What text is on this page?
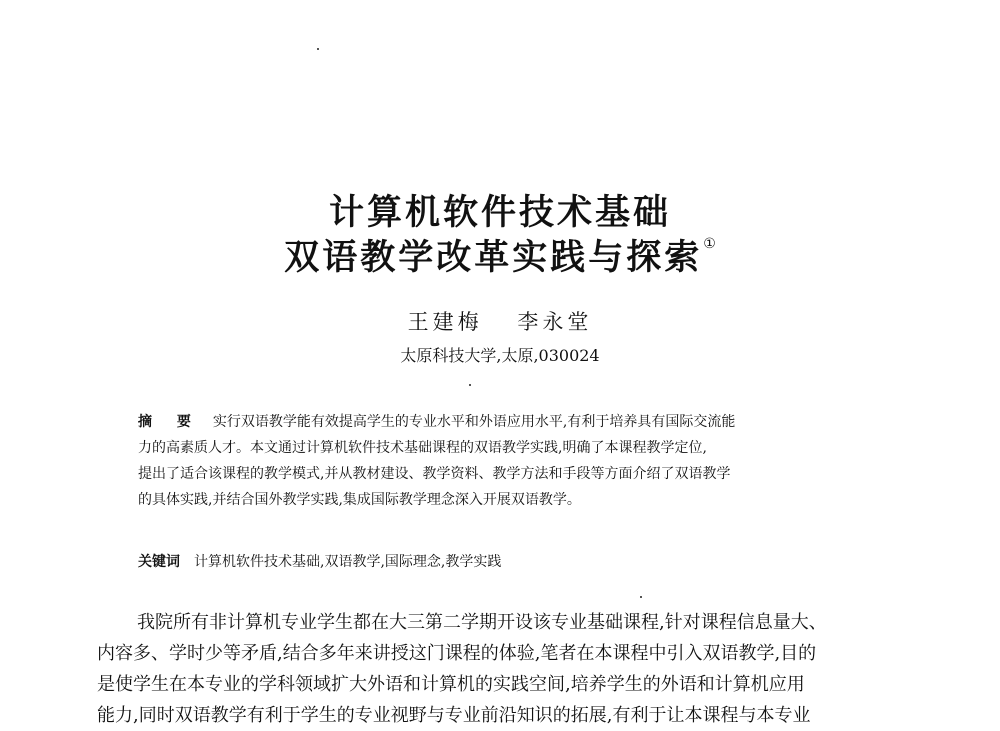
计算机软件技术基础
双语教学改革实践与探索①
王建梅 李永堂
太原科技大学,太原,030024
摘 要 实行双语教学能有效提高学生的专业水平和外语应用水平,有利于培养具有国际交流能
力的高素质人才。本文通过计算机软件技术基础课程的双语教学实践,明确了本课程教学定位,
提出了适合该课程的教学模式,并从教材建设、教学资料、教学方法和手段等方面介绍了双语教学
的具体实践,并结合国外教学实践,集成国际教学理念深入开展双语教学。
关键词 计算机软件技术基础,双语教学,国际理念,教学实践
我院所有非计算机专业学生都在大三第二学期开设该专业基础课程,针对课程信息量大、
内容多、学时少等矛盾,结合多年来讲授这门课程的体验,笔者在本课程中引入双语教学,目的
是使学生在本专业的学科领域扩大外语和计算机的实践空间,培养学生的外语和计算机应用
能力,同时双语教学有利于学生的专业视野与专业前沿知识的拓展,有利于让本课程与本专业
